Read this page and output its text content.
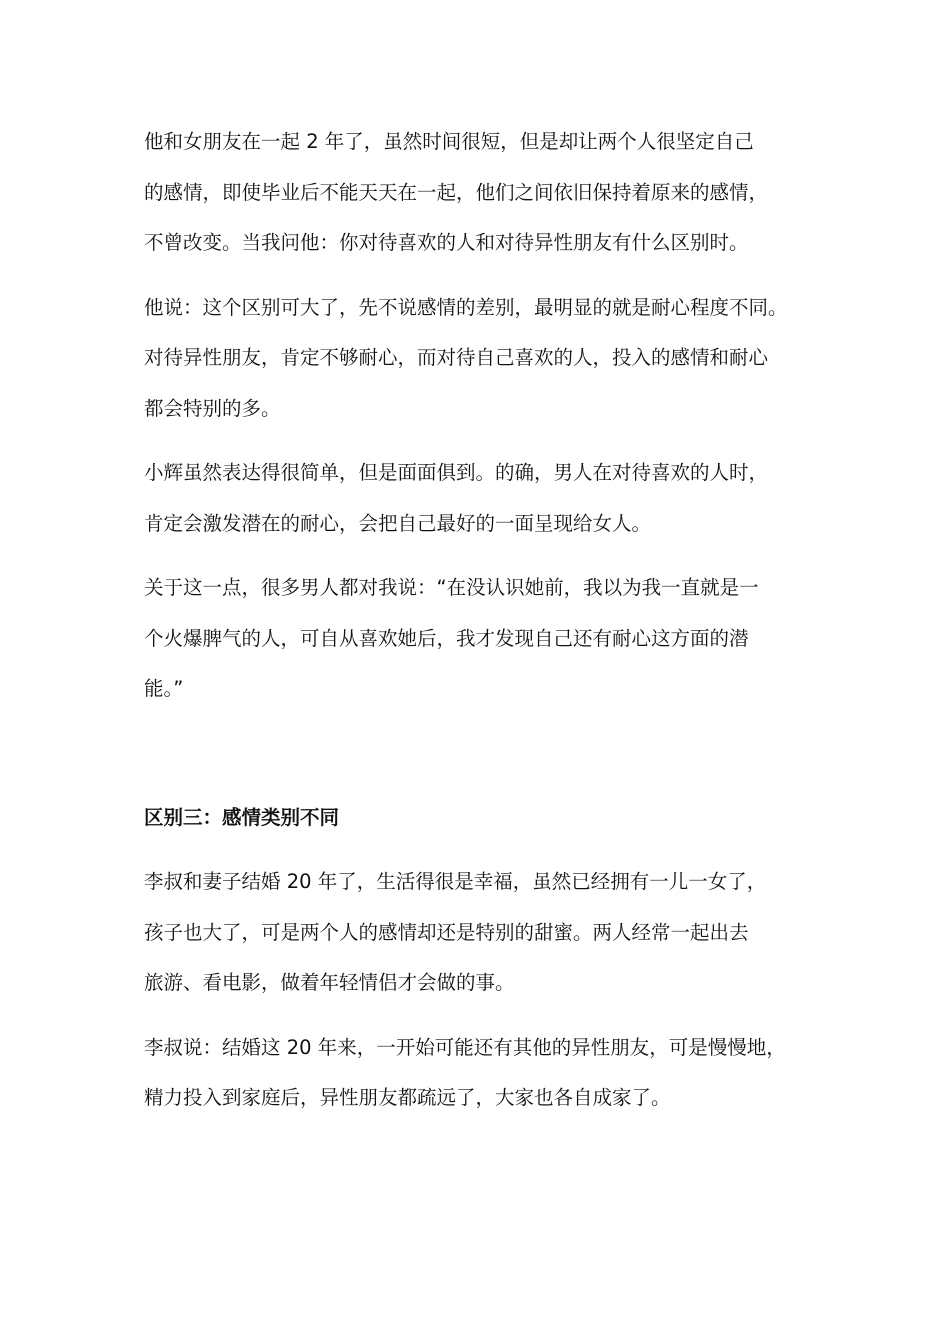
他和女朋友在一起 2 年了，虽然时间很短，但是却让两个人很坚定自己
的感情，即使毕业后不能天天在一起，他们之间依旧保持着原来的感情，
不曾改变。当我问他：你对待喜欢的人和对待异性朋友有什么区别时。

他说：这个区别可大了，先不说感情的差别，最明显的就是耐心程度不同。
对待异性朋友，肯定不够耐心，而对待自己喜欢的人，投入的感情和耐心
都会特别的多。

小辉虽然表达得很简单，但是面面俱到。的确，男人在对待喜欢的人时，
肯定会激发潜在的耐心，会把自己最好的一面呈现给女人。

关于这一点，很多男人都对我说：“在没认识她前，我以为我一直就是一
个火爆脾气的人，可自从喜欢她后，我才发现自己还有耐心这方面的潜
能。”

区别三：感情类别不同

李叔和妻子结婚 20 年了，生活得很是幸福，虽然已经拥有一儿一女了，
孩子也大了，可是两个人的感情却还是特别的甜蜜。两人经常一起出去
旅游、看电影，做着年轻情侣才会做的事。

李叔说：结婚这 20 年来，一开始可能还有其他的异性朋友，可是慢慢地，
精力投入到家庭后，异性朋友都疏远了，大家也各自成家了。
